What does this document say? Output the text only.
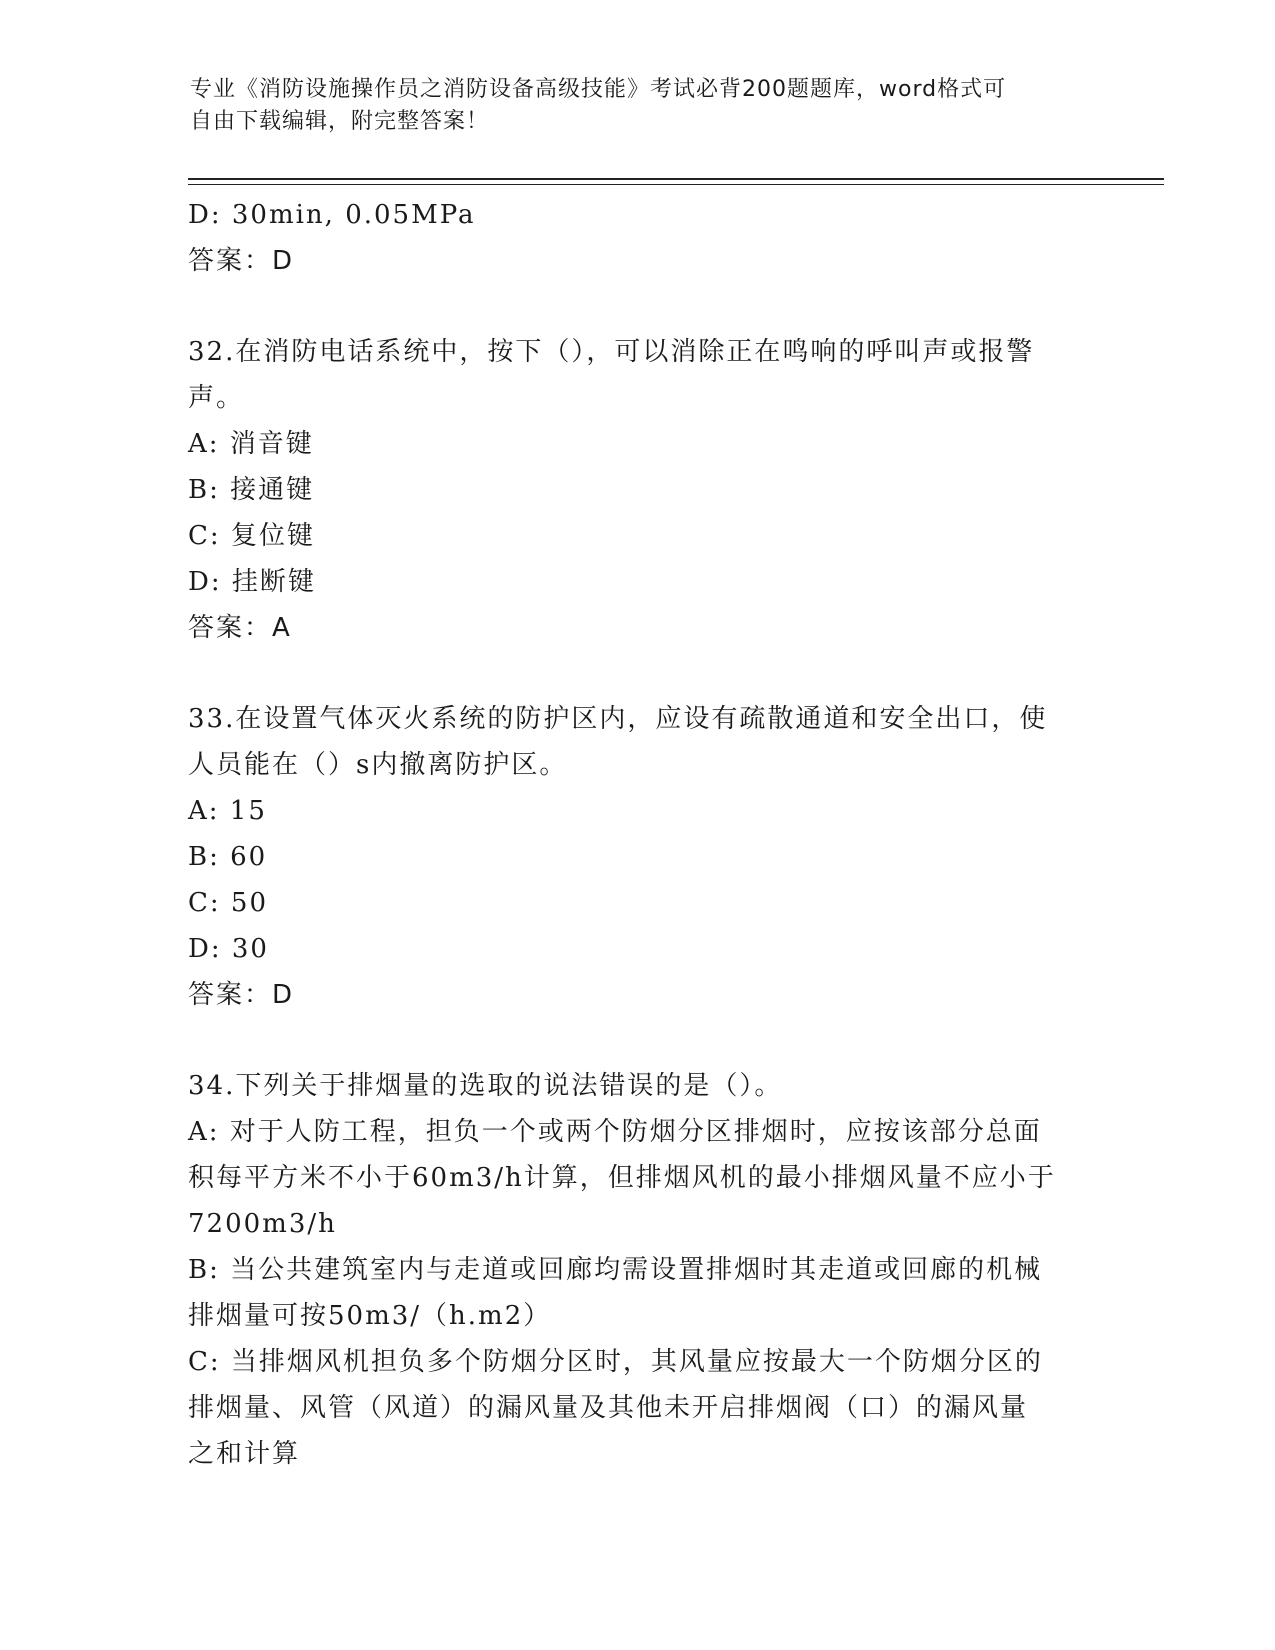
专业《消防设施操作员之消防设备高级技能》考试必背200题题库，word格式可
自由下载编辑，附完整答案！
D: 30min, 0.05MPa
答案：D
32.在消防电话系统中，按下（），可以消除正在鸣响的呼叫声或报警
声。
A: 消音键
B: 接通键
C: 复位键
D: 挂断键
答案：A
33.在设置气体灭火系统的防护区内，应设有疏散通道和安全出口，使
人员能在（）s内撤离防护区。
A: 15
B: 60
C: 50
D: 30
答案：D
34.下列关于排烟量的选取的说法错误的是（）。
A: 对于人防工程，担负一个或两个防烟分区排烟时，应按该部分总面
积每平方米不小于60m3/h计算，但排烟风机的最小排烟风量不应小于
7200m3/h
B: 当公共建筑室内与走道或回廊均需设置排烟时其走道或回廊的机械
排烟量可按50m3/（h.m2）
C: 当排烟风机担负多个防烟分区时，其风量应按最大一个防烟分区的
排烟量、风管（风道）的漏风量及其他未开启排烟阀（口）的漏风量
之和计算
